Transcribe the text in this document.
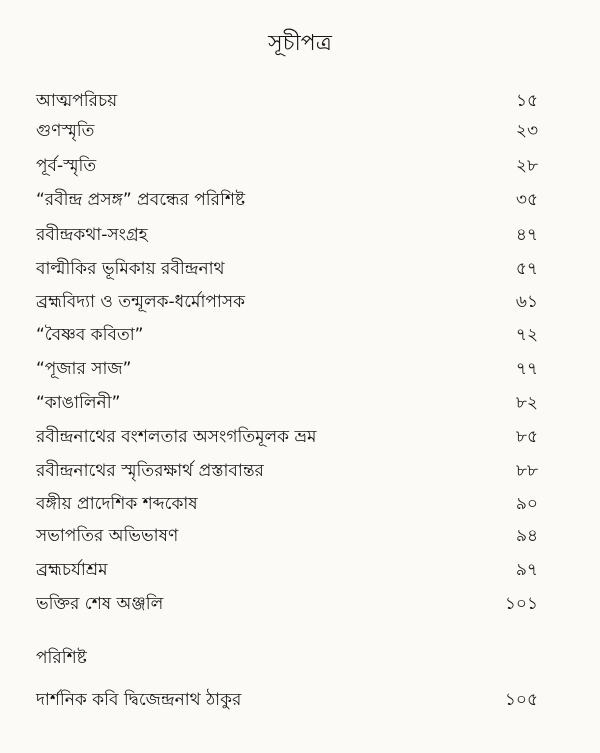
সূচীপত্র
আত্মপরিচয়	১৫
গুণস্মৃতি	২৩
পূর্ব-স্মৃতি	২৮
“রবীন্দ্র প্রসঙ্গ” প্রবন্ধের পরিশিষ্ট	৩৫
রবীন্দ্রকথা-সংগ্রহ	৪৭
বাল্মীকির ভূমিকায় রবীন্দ্রনাথ	৫৭
ব্রহ্মবিদ্যা ও তন্মূলক-ধর্মোপাসক	৬১
“বৈষ্ণব কবিতা”	৭২
“পূজার সাজ”	৭৭
“কাঙালিনী”	৮২
রবীন্দ্রনাথের বংশলতার অসংগতিমূলক ভ্রম	৮৫
রবীন্দ্রনাথের স্মৃতিরক্ষার্থ প্রস্তাবান্তর	৮৮
বঙ্গীয় প্রাদেশিক শব্দকোষ	৯০
সভাপতির অভিভাষণ	৯৪
ব্রহ্মচর্যাশ্রম	৯৭
ভক্তির শেষ অঞ্জলি	১০১
পরিশিষ্ট
দার্শনিক কবি দ্বিজেন্দ্রনাথ ঠাকুর	১০৫
